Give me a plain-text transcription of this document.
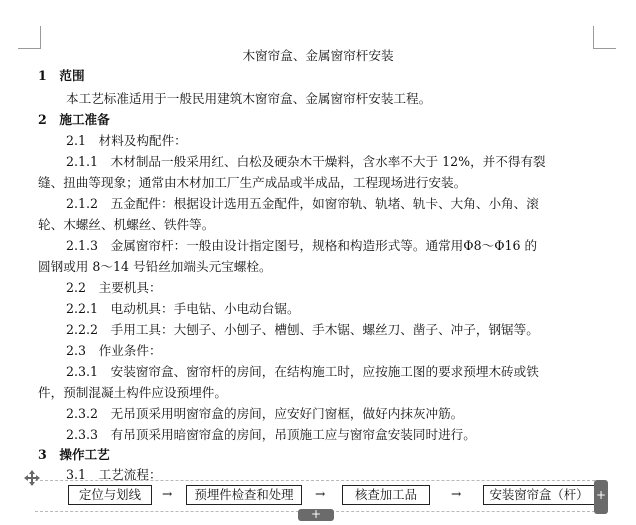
木窗帘盒、金属窗帘杆安装
1　范围
本工艺标准适用于一般民用建筑木窗帘盒、金属窗帘杆安装工程。
2　施工准备
2.1　材料及构配件：
2.1.1　木材制品一般采用红、白松及硬杂木干燥料，含水率不大于 12%，并不得有裂
缝、扭曲等现象；通常由木材加工厂生产成品或半成品，工程现场进行安装。
2.1.2　五金配件：根据设计选用五金配件，如窗帘轨、轨堵、轨卡、大角、小角、滚
轮、木螺丝、机螺丝、铁件等。
2.1.3　金属窗帘杆：一般由设计指定图号，规格和构造形式等。通常用Φ8～Φ16 的
圆钢或用 8～14 号铅丝加端头元宝螺栓。
2.2　主要机具：
2.2.1　电动机具：手电钻、小电动台锯。
2.2.2　手用工具：大刨子、小刨子、槽刨、手木锯、螺丝刀、凿子、冲子，钢锯等。
2.3　作业条件：
2.3.1　安装窗帘盒、窗帘杆的房间，在结构施工时，应按施工图的要求预埋木砖或铁
件，预制混凝土构件应设预埋件。
2.3.2　无吊顶采用明窗帘盒的房间，应安好门窗框，做好内抹灰冲筋。
2.3.3　有吊顶采用暗窗帘盒的房间，吊顶施工应与窗帘盒安装同时进行。
3　操作工艺
3.1　工艺流程：
定位与划线	→	预埋件检查和处理	→	核查加工品	→	安装窗帘盒（杆） +
+
